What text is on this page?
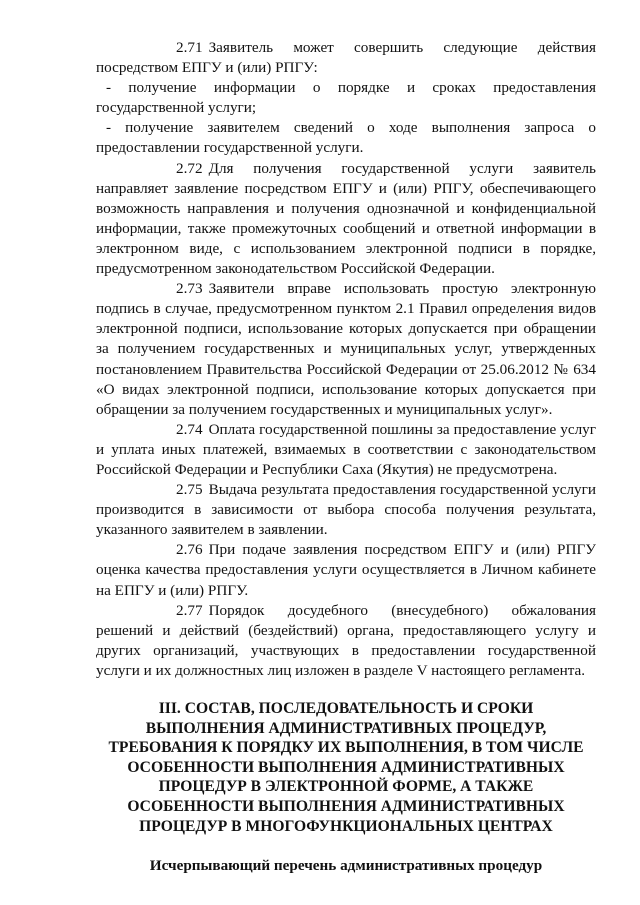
2.71 Заявитель может совершить следующие действия посредством ЕПГУ и (или) РПГУ:

- получение информации о порядке и сроках предоставления государственной услуги;

- получение заявителем сведений о ходе выполнения запроса о предоставлении государственной услуги.

2.72 Для получения государственной услуги заявитель направляет заявление посредством ЕПГУ и (или) РПГУ, обеспечивающего возможность направления и получения однозначной и конфиденциальной информации, также промежуточных сообщений и ответной информации в электронном виде, с использованием электронной подписи в порядке, предусмотренном законодательством Российской Федерации.

2.73 Заявители вправе использовать простую электронную подпись в случае, предусмотренном пунктом 2.1 Правил определения видов электронной подписи, использование которых допускается при обращении за получением государственных и муниципальных услуг, утвержденных постановлением Правительства Российской Федерации от 25.06.2012 № 634 «О видах электронной подписи, использование которых допускается при обращении за получением государственных и муниципальных услуг».

2.74 Оплата государственной пошлины за предоставление услуг и уплата иных платежей, взимаемых в соответствии с законодательством Российской Федерации и Республики Саха (Якутия) не предусмотрена.

2.75 Выдача результата предоставления государственной услуги производится в зависимости от выбора способа получения результата, указанного заявителем в заявлении.

2.76 При подаче заявления посредством ЕПГУ и (или) РПГУ оценка качества предоставления услуги осуществляется в Личном кабинете на ЕПГУ и (или) РПГУ.

2.77 Порядок досудебного (внесудебного) обжалования решений и действий (бездействий) органа, предоставляющего услугу и других организаций, участвующих в предоставлении государственной услуги и их должностных лиц изложен в разделе V настоящего регламента.

III. СОСТАВ, ПОСЛЕДОВАТЕЛЬНОСТЬ И СРОКИ ВЫПОЛНЕНИЯ АДМИНИСТРАТИВНЫХ ПРОЦЕДУР, ТРЕБОВАНИЯ К ПОРЯДКУ ИХ ВЫПОЛНЕНИЯ, В ТОМ ЧИСЛЕ ОСОБЕННОСТИ ВЫПОЛНЕНИЯ АДМИНИСТРАТИВНЫХ ПРОЦЕДУР В ЭЛЕКТРОННОЙ ФОРМЕ, А ТАКЖЕ ОСОБЕННОСТИ ВЫПОЛНЕНИЯ АДМИНИСТРАТИВНЫХ ПРОЦЕДУР В МНОГОФУНКЦИОНАЛЬНЫХ ЦЕНТРАХ
Исчерпывающий перечень административных процедур
